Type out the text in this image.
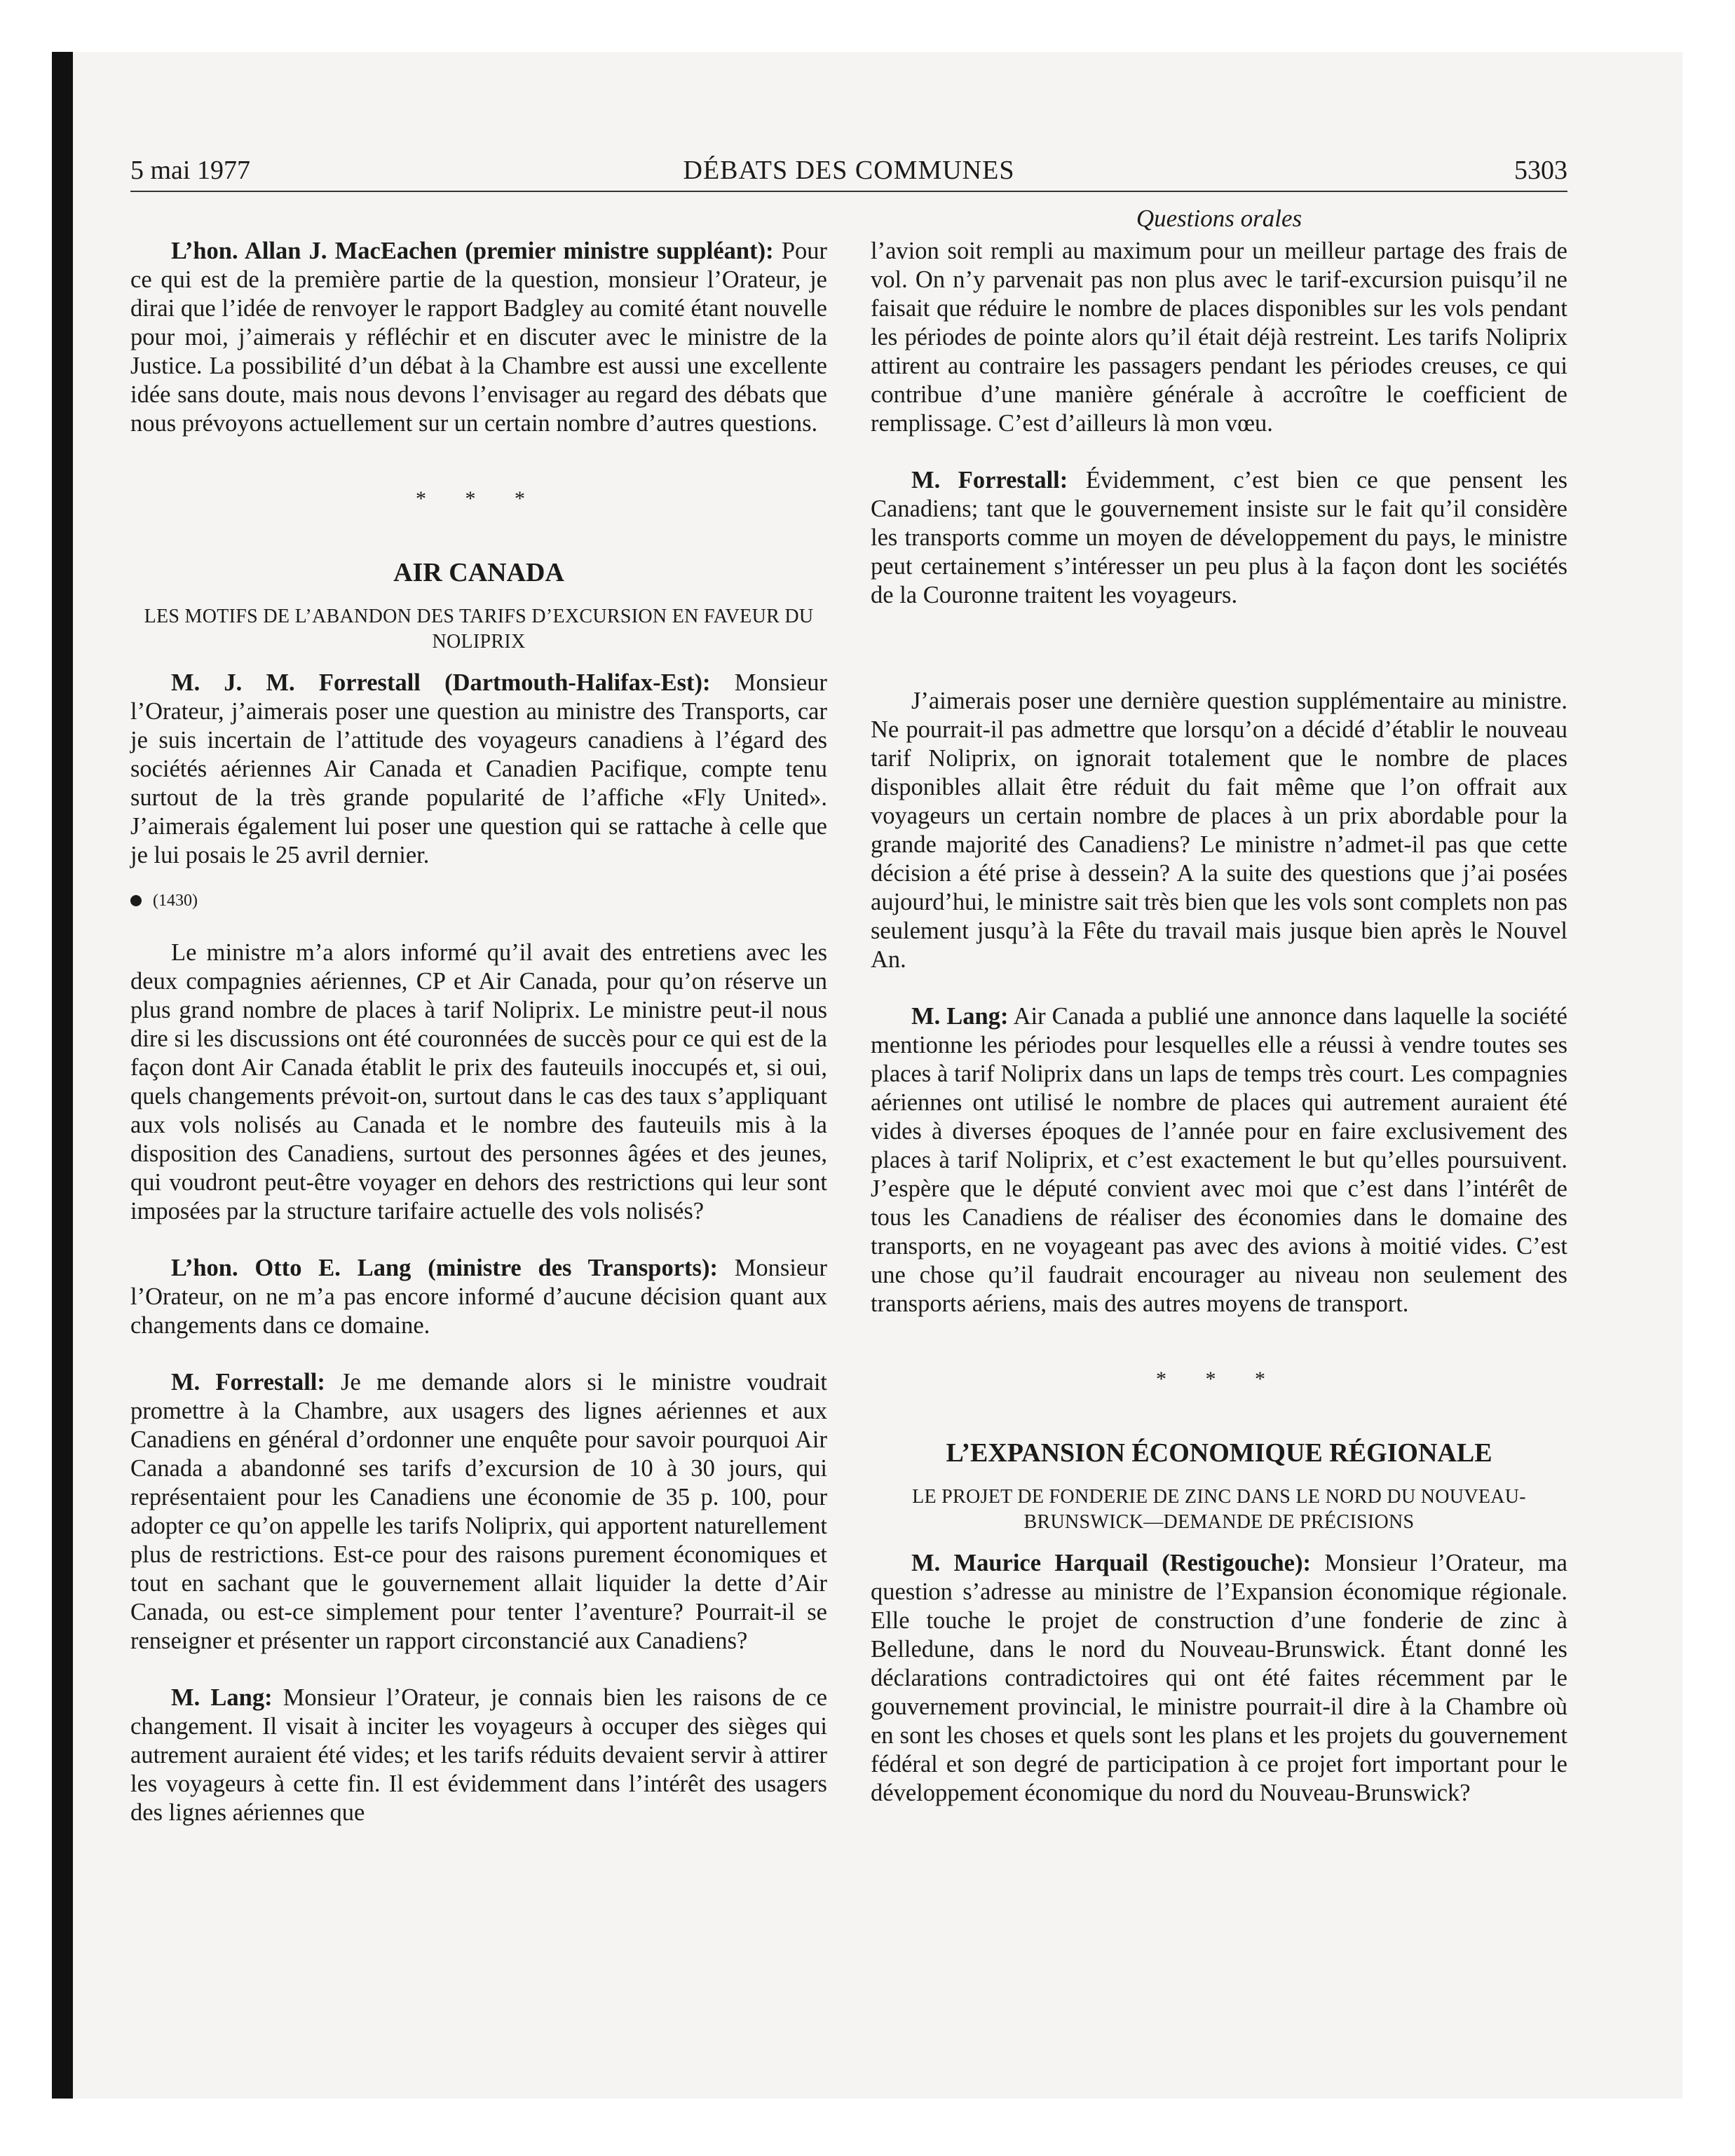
5 mai 1977	DÉBATS DES COMMUNES	5303
Questions orales

L’hon. Allan J. MacEachen (premier ministre suppléant): Pour ce qui est de la première partie de la question, monsieur l’Orateur, je dirai que l’idée de renvoyer le rapport Badgley au comité étant nouvelle pour moi, j’aimerais y réfléchir et en discuter avec le ministre de la Justice. La possibilité d’un débat à la Chambre est aussi une excellente idée sans doute, mais nous devons l’envisager au regard des débats que nous prévoyons actuellement sur un certain nombre d’autres questions.

* * *
AIR CANADA
LES MOTIFS DE L’ABANDON DES TARIFS D’EXCURSION EN FAVEUR DU NOLIPRIX

M. J. M. Forrestall (Dartmouth-Halifax-Est): Monsieur l’Orateur, j’aimerais poser une question au ministre des Transports, car je suis incertain de l’attitude des voyageurs canadiens à l’égard des sociétés aériennes Air Canada et Canadien Pacifique, compte tenu surtout de la très grande popularité de l’affiche «Fly United». J’aimerais également lui poser une question qui se rattache à celle que je lui posais le 25 avril dernier.

(1430)

Le ministre m’a alors informé qu’il avait des entretiens avec les deux compagnies aériennes, CP et Air Canada, pour qu’on réserve un plus grand nombre de places à tarif Noliprix. Le ministre peut-il nous dire si les discussions ont été couronnées de succès pour ce qui est de la façon dont Air Canada établit le prix des fauteuils inoccupés et, si oui, quels changements prévoit-on, surtout dans le cas des taux s’appliquant aux vols nolisés au Canada et le nombre des fauteuils mis à la disposition des Canadiens, surtout des personnes âgées et des jeunes, qui voudront peut-être voyager en dehors des restrictions qui leur sont imposées par la structure tarifaire actuelle des vols nolisés?

L’hon. Otto E. Lang (ministre des Transports): Monsieur l’Orateur, on ne m’a pas encore informé d’aucune décision quant aux changements dans ce domaine.

M. Forrestall: Je me demande alors si le ministre voudrait promettre à la Chambre, aux usagers des lignes aériennes et aux Canadiens en général d’ordonner une enquête pour savoir pourquoi Air Canada a abandonné ses tarifs d’excursion de 10 à 30 jours, qui représentaient pour les Canadiens une économie de 35 p. 100, pour adopter ce qu’on appelle les tarifs Noliprix, qui apportent naturellement plus de restrictions. Est-ce pour des raisons purement économiques et tout en sachant que le gouvernement allait liquider la dette d’Air Canada, ou est-ce simplement pour tenter l’aventure? Pourrait-il se renseigner et présenter un rapport circonstancié aux Canadiens?

M. Lang: Monsieur l’Orateur, je connais bien les raisons de ce changement. Il visait à inciter les voyageurs à occuper des sièges qui autrement auraient été vides; et les tarifs réduits devaient servir à attirer les voyageurs à cette fin. Il est évidemment dans l’intérêt des usagers des lignes aériennes que

l’avion soit rempli au maximum pour un meilleur partage des frais de vol. On n’y parvenait pas non plus avec le tarif-excursion puisqu’il ne faisait que réduire le nombre de places disponibles sur les vols pendant les périodes de pointe alors qu’il était déjà restreint. Les tarifs Noliprix attirent au contraire les passagers pendant les périodes creuses, ce qui contribue d’une manière générale à accroître le coefficient de remplissage. C’est d’ailleurs là mon vœu.

M. Forrestall: Évidemment, c’est bien ce que pensent les Canadiens; tant que le gouvernement insiste sur le fait qu’il considère les transports comme un moyen de développement du pays, le ministre peut certainement s’intéresser un peu plus à la façon dont les sociétés de la Couronne traitent les voyageurs.

J’aimerais poser une dernière question supplémentaire au ministre. Ne pourrait-il pas admettre que lorsqu’on a décidé d’établir le nouveau tarif Noliprix, on ignorait totalement que le nombre de places disponibles allait être réduit du fait même que l’on offrait aux voyageurs un certain nombre de places à un prix abordable pour la grande majorité des Canadiens? Le ministre n’admet-il pas que cette décision a été prise à dessein? A la suite des questions que j’ai posées aujourd’hui, le ministre sait très bien que les vols sont complets non pas seulement jusqu’à la Fête du travail mais jusque bien après le Nouvel An.

M. Lang: Air Canada a publié une annonce dans laquelle la société mentionne les périodes pour lesquelles elle a réussi à vendre toutes ses places à tarif Noliprix dans un laps de temps très court. Les compagnies aériennes ont utilisé le nombre de places qui autrement auraient été vides à diverses époques de l’année pour en faire exclusivement des places à tarif Noliprix, et c’est exactement le but qu’elles poursuivent. J’espère que le député convient avec moi que c’est dans l’intérêt de tous les Canadiens de réaliser des économies dans le domaine des transports, en ne voyageant pas avec des avions à moitié vides. C’est une chose qu’il faudrait encourager au niveau non seulement des transports aériens, mais des autres moyens de transport.

* * *
L’EXPANSION ÉCONOMIQUE RÉGIONALE
LE PROJET DE FONDERIE DE ZINC DANS LE NORD DU NOUVEAU-BRUNSWICK—DEMANDE DE PRÉCISIONS

M. Maurice Harquail (Restigouche): Monsieur l’Orateur, ma question s’adresse au ministre de l’Expansion économique régionale. Elle touche le projet de construction d’une fonderie de zinc à Belledune, dans le nord du Nouveau-Brunswick. Étant donné les déclarations contradictoires qui ont été faites récemment par le gouvernement provincial, le ministre pourrait-il dire à la Chambre où en sont les choses et quels sont les plans et les projets du gouvernement fédéral et son degré de participation à ce projet fort important pour le développement économique du nord du Nouveau-Brunswick?
